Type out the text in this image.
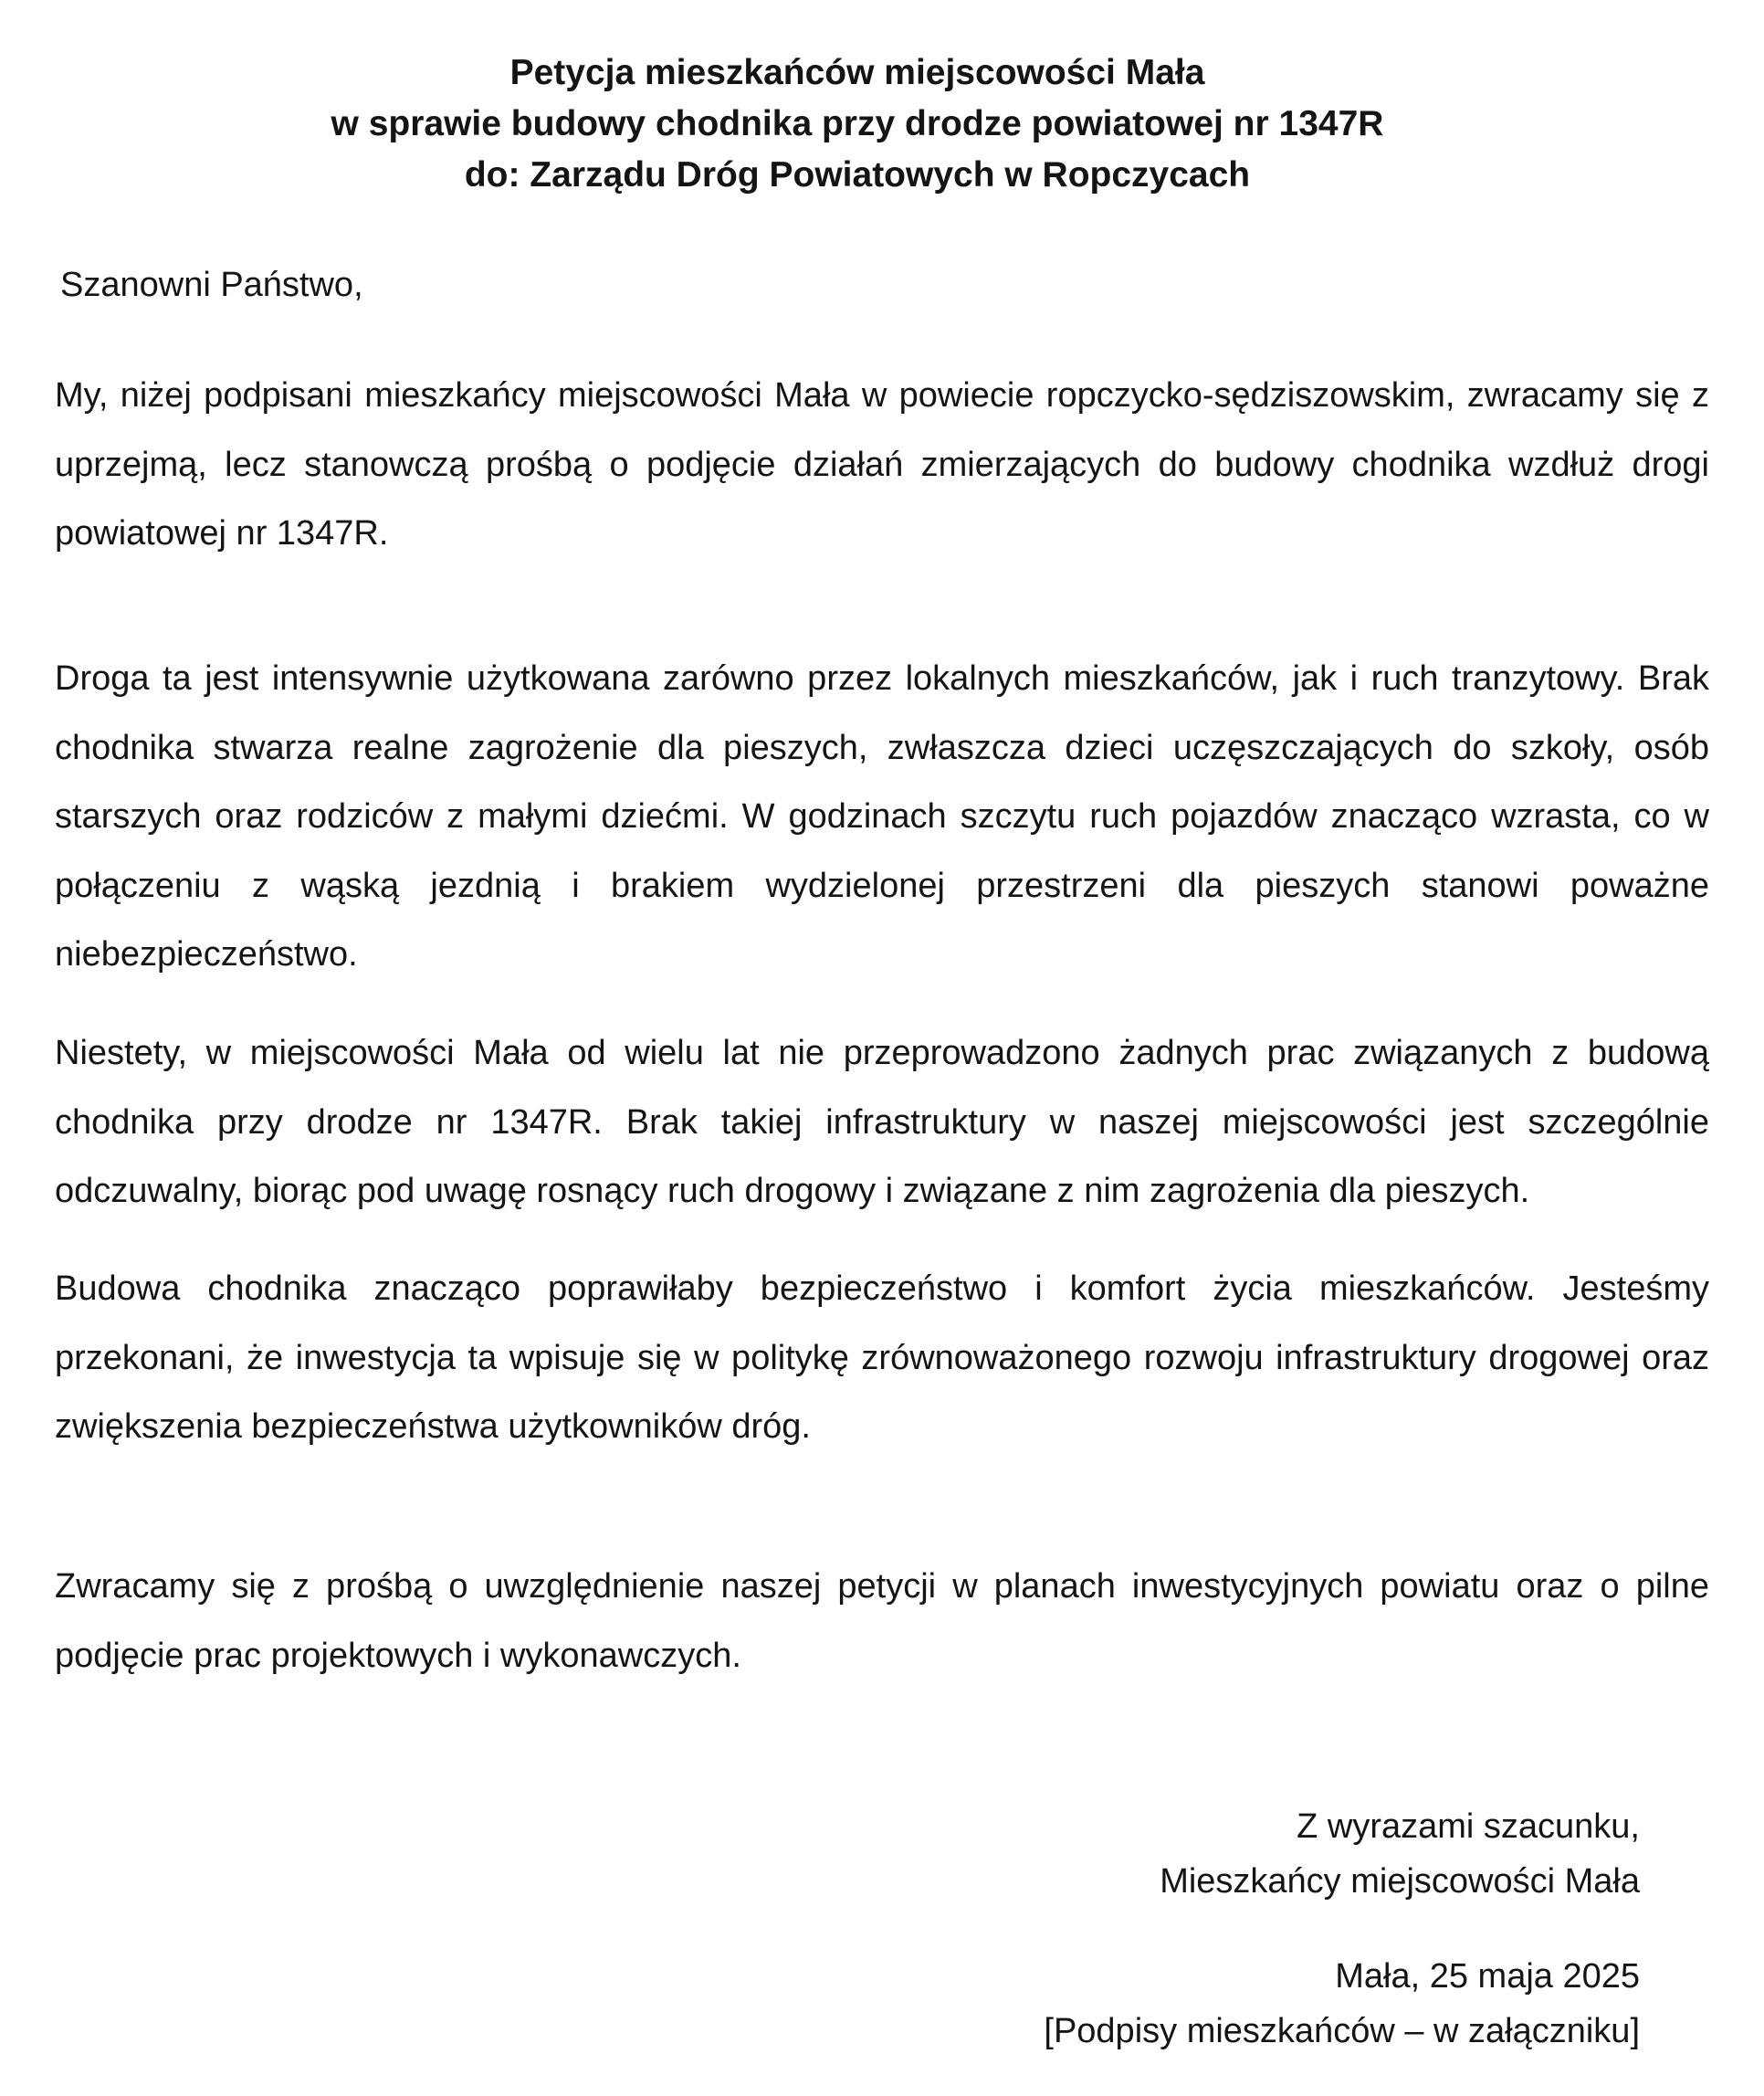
Petycja mieszkańców miejscowości Mała
w sprawie budowy chodnika przy drodze powiatowej nr 1347R
do: Zarządu Dróg Powiatowych w Ropczycach
Szanowni Państwo,
My, niżej podpisani mieszkańcy miejscowości Mała w powiecie ropczycko-sędziszowskim, zwracamy się z uprzejmą, lecz stanowczą prośbą o podjęcie działań zmierzających do budowy chodnika wzdłuż drogi powiatowej nr 1347R.
Droga ta jest intensywnie użytkowana zarówno przez lokalnych mieszkańców, jak i ruch tranzytowy. Brak chodnika stwarza realne zagrożenie dla pieszych, zwłaszcza dzieci uczęszczających do szkoły, osób starszych oraz rodziców z małymi dziećmi. W godzinach szczytu ruch pojazdów znacząco wzrasta, co w połączeniu z wąską jezdnią i brakiem wydzielonej przestrzeni dla pieszych stanowi poważne niebezpieczeństwo.
Niestety, w miejscowości Mała od wielu lat nie przeprowadzono żadnych prac związanych z budową chodnika przy drodze nr 1347R. Brak takiej infrastruktury w naszej miejscowości jest szczególnie odczuwalny, biorąc pod uwagę rosnący ruch drogowy i związane z nim zagrożenia dla pieszych.
Budowa chodnika znacząco poprawiłaby bezpieczeństwo i komfort życia mieszkańców. Jesteśmy przekonani, że inwestycja ta wpisuje się w politykę zrównoważonego rozwoju infrastruktury drogowej oraz zwiększenia bezpieczeństwa użytkowników dróg.
Zwracamy się z prośbą o uwzględnienie naszej petycji w planach inwestycyjnych powiatu oraz o pilne podjęcie prac projektowych i wykonawczych.
Z wyrazami szacunku,
Mieszkańcy miejscowości Mała
Mała, 25 maja 2025
[Podpisy mieszkańców – w załączniku]
